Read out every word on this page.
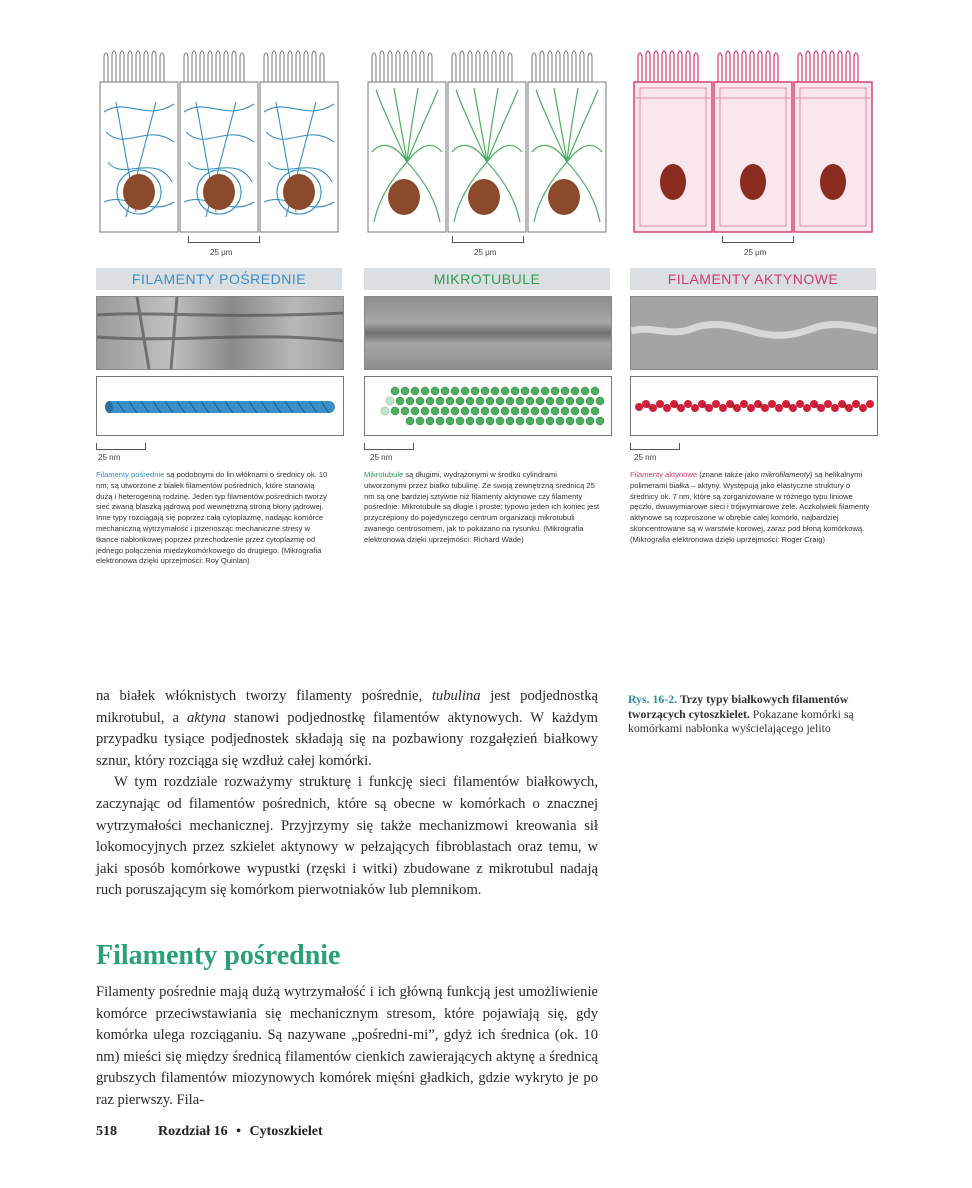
25 μm
FILAMENTY POŚREDNIE
25 nm
Filamenty pośrednie są podobnymi do lin włóknami o średnicy ok. 10 nm; są utworzone z białek filamentów pośrednich, które stanowią dużą i heterogenną rodzinę. Jeden typ filamentów pośrednich tworzy sieć zwaną blaszką jądrową pod wewnętrzną stroną błony jądrowej. Inne typy rozciągają się poprzez całą cytoplazmę, nadając komórce mechaniczną wytrzymałość i przenosząc mechaniczne stresy w tkance nabłonkowej poprzez przechodzenie przez cytoplazmę od jednego połączenia międzykomórkowego do drugiego. (Mikrografia elektronowa dzięki uprzejmości: Roy Quinlan)
25 μm
MIKROTUBULE
25 nm
Mikrotubule są długimi, wydrążonymi w środku cylindrami utworzonymi przez białko tubulinę. Ze swoją zewnętrzną średnicą 25 nm są one bardziej sztywne niż filamenty aktynowe czy filamenty pośrednie. Mikrotubule są długie i proste; typowo jeden ich koniec jest przyczepiony do pojedynczego centrum organizacji mikrotubuli zwanego centrosomem, jak to pokazano na rysunku. (Mikrografia elektronowa dzięki uprzejmości: Richard Wade)
25 μm
FILAMENTY AKTYNOWE
25 nm
Filamenty aktynowe (znane także jako mikrofilamenty) są helikalnymi polimerami białka – aktyny. Występują jako elastyczne struktury o średnicy ok. 7 nm, które są zorganizowane w różnego typu liniowe pęczki, dwuwymiarowe sieci i trójwymiarowe żele. Aczkolwiek filamenty aktynowe są rozproszone w obrębie całej komórki, najbardziej skoncentrowane są w warstwie korowej, zaraz pod błoną komórkową. (Mikrografia elektronowa dzięki uprzejmości: Roger Craig)

na białek włóknistych tworzy filamenty pośrednie, tubulina jest podjednostką mikrotubul, a aktyna stanowi podjednostkę filamentów aktynowych. W każdym przypadku tysiące podjednostek składają się na pozbawiony rozgałęzień białkowy sznur, który rozciąga się wzdłuż całej komórki.

W tym rozdziale rozważymy strukturę i funkcję sieci filamentów białkowych, zaczynając od filamentów pośrednich, które są obecne w komórkach o znacznej wytrzymałości mechanicznej. Przyjrzymy się także mechanizmowi kreowania sił lokomocyjnych przez szkielet aktynowy w pełzających fibroblastach oraz temu, w jaki sposób komórkowe wypustki (rzęski i witki) zbudowane z mikrotubul nadają ruch poruszającym się komórkom pierwotniaków lub plemnikom.

Rys. 16-2. Trzy typy białkowych filamentów tworzących cytoszkielet. Pokazane komórki są komórkami nabłonka wyścielającego jelito
Filamenty pośrednie

Filamenty pośrednie mają dużą wytrzymałość i ich główną funkcją jest umożliwienie komórce przeciwstawiania się mechanicznym stresom, które pojawiają się, gdy komórka ulega rozciąganiu. Są nazywane „pośredni-mi”, gdyż ich średnica (ok. 10 nm) mieści się między średnicą filamentów cienkich zawierających aktynę a średnicą grubszych filamentów miozynowych komórek mięśni gładkich, gdzie wykryto je po raz pierwszy. Fila-

518	Rozdział 16 • Cytoszkielet
